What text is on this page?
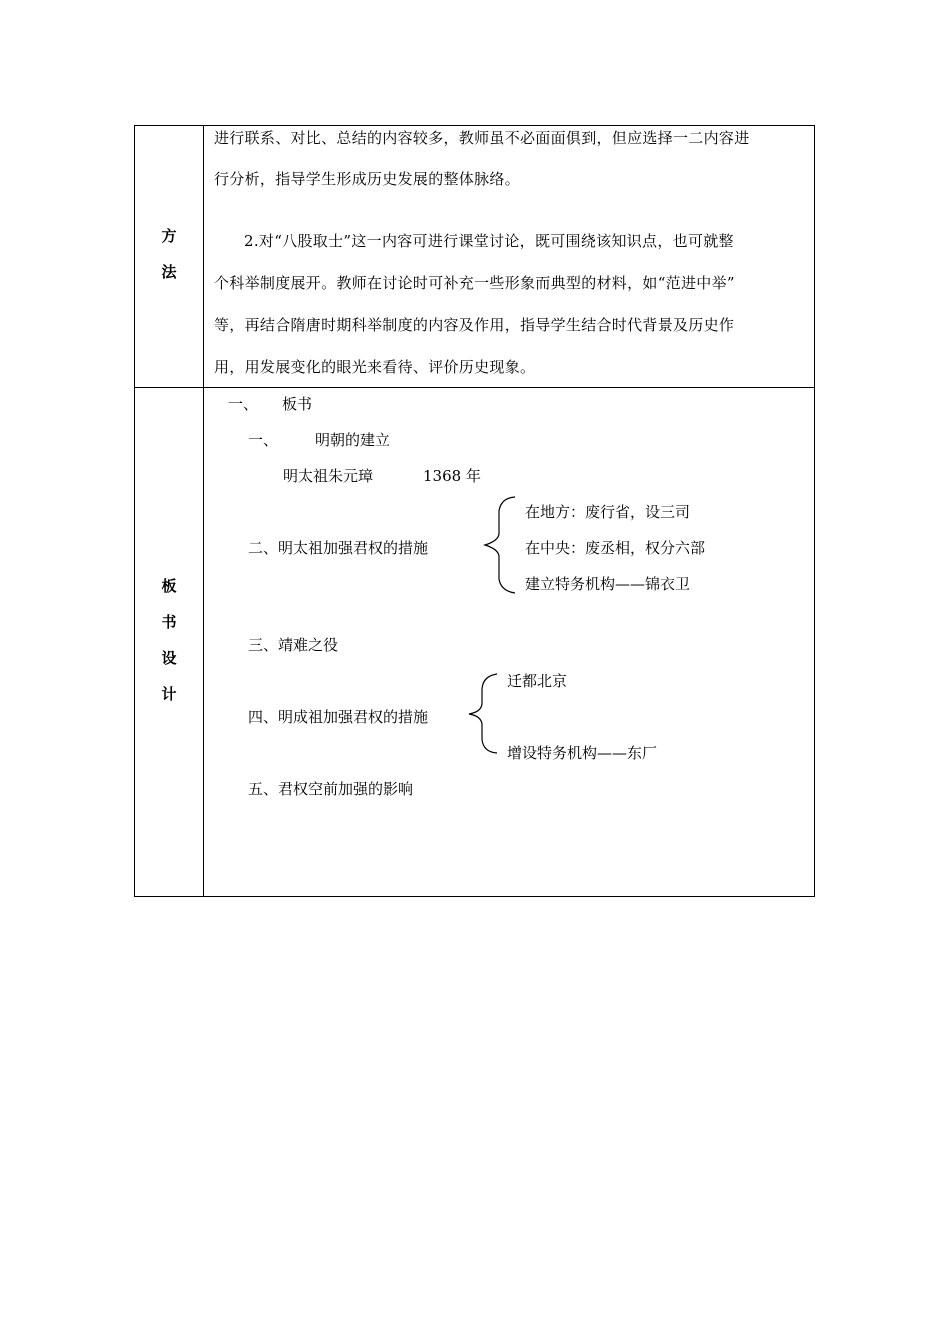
方
法
进行联系、对比、总结的内容较多，教师虽不必面面俱到，但应选择一二内容进
行分析，指导学生形成历史发展的整体脉络。
2.对“八股取士”这一内容可进行课堂讨论，既可围绕该知识点，也可就整
个科举制度展开。教师在讨论时可补充一些形象而典型的材料，如“范进中举”
等，再结合隋唐时期科举制度的内容及作用，指导学生结合时代背景及历史作
用，用发展变化的眼光来看待、评价历史现象。
板
书
设
计
一、 板书
一、 明朝的建立
明太祖朱元璋	1368 年
二、明太祖加强君权的措施
在地方：废行省，设三司
在中央：废丞相，权分六部
建立特务机构——锦衣卫
三、靖难之役
四、明成祖加强君权的措施
迁都北京
增设特务机构——东厂
五、君权空前加强的影响
